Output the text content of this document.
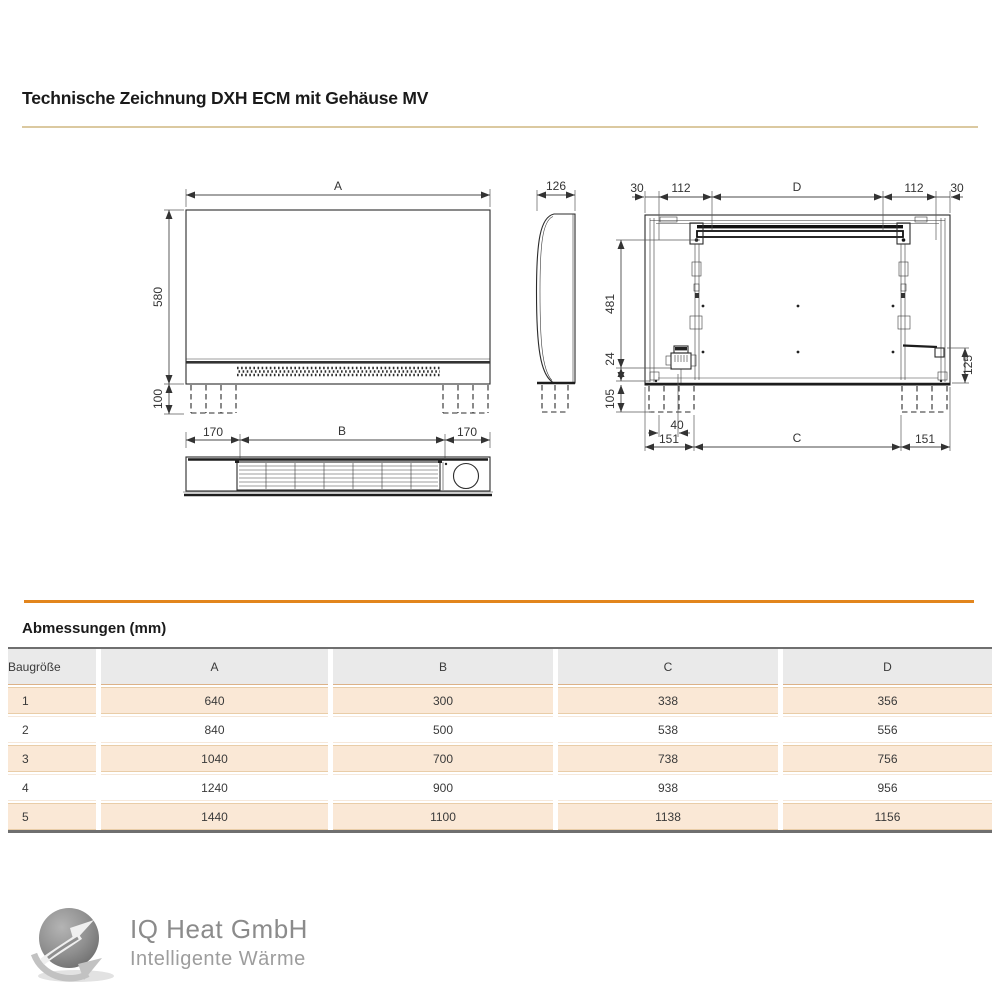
Technische Zeichnung DXH ECM mit Gehäuse MV
A
580
100
170	B	170
126	30 112	D	112 30
481
24
105
40
151	C	151
125
Abmessungen (mm)
Baugröße	A	B	C	D
1	640	300	338	356
2	840	500	538	556
3	1040	700	738	756
4	1240	900	938	956
5	1440	1100	1138	1156
IQ Heat GmbH
Intelligente Wärme
